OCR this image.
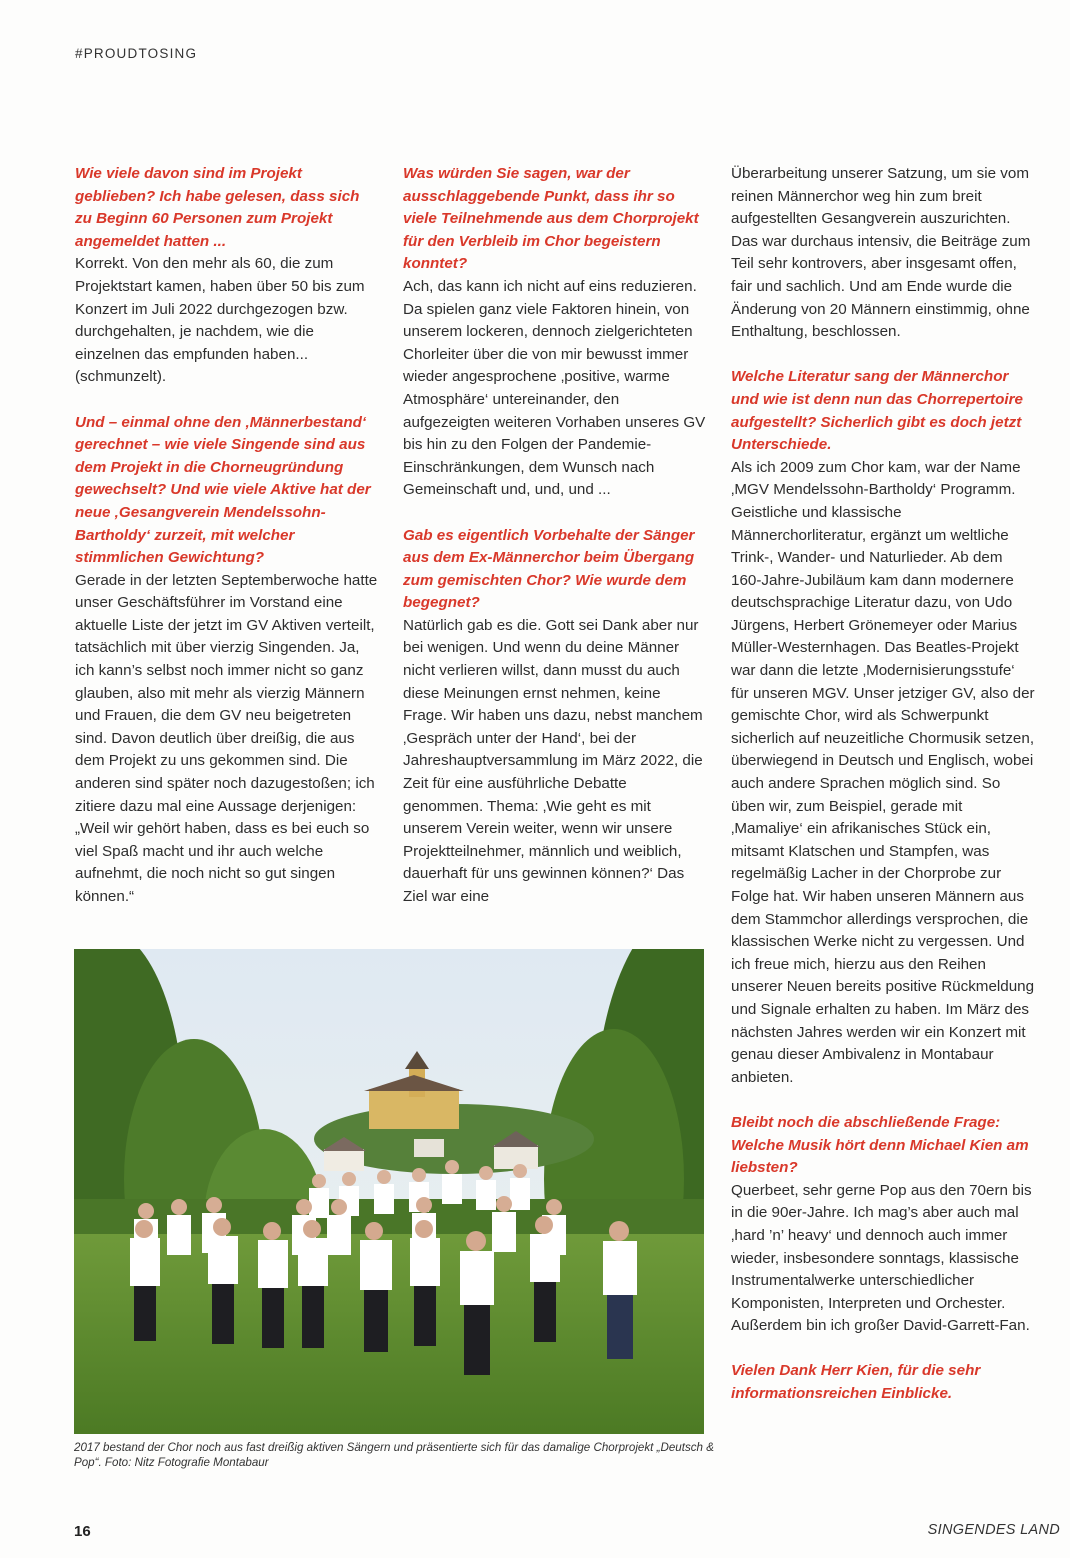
#PROUDTOSING

Wie viele davon sind im Projekt geblieben? Ich habe gelesen, dass sich zu Beginn 60 Personen zum Projekt angemeldet hatten ...

Korrekt. Von den mehr als 60, die zum Projektstart kamen, haben über 50 bis zum Konzert im Juli 2022 durchgezogen bzw. durchgehalten, je nachdem, wie die einzelnen das empfunden haben... (schmunzelt).

Und – einmal ohne den ‚Männerbestand‘ gerechnet – wie viele Singende sind aus dem Projekt in die Chorneugründung gewechselt? Und wie viele Aktive hat der neue ‚Gesangverein Mendelssohn-Bartholdy‘ zurzeit, mit welcher stimmlichen Gewichtung?

Gerade in der letzten Septemberwoche hatte unser Geschäftsführer im Vorstand eine aktuelle Liste der jetzt im GV Aktiven verteilt, tatsächlich mit über vierzig Singenden. Ja, ich kann’s selbst noch immer nicht so ganz glauben, also mit mehr als vierzig Männern und Frauen, die dem GV neu beigetreten sind. Davon deutlich über dreißig, die aus dem Projekt zu uns gekommen sind. Die anderen sind später noch dazugestoßen; ich zitiere dazu mal eine Aussage derjenigen: „Weil wir gehört haben, dass es bei euch so viel Spaß macht und ihr auch welche aufnehmt, die noch nicht so gut singen können.“

Was würden Sie sagen, war der ausschlaggebende Punkt, dass ihr so viele Teilnehmende aus dem Chorprojekt für den Verbleib im Chor begeistern konntet?

Ach, das kann ich nicht auf eins reduzieren. Da spielen ganz viele Faktoren hinein, von unserem lockeren, dennoch zielgerichteten Chorleiter über die von mir bewusst immer wieder angesprochene ‚positive, warme Atmosphäre‘ untereinander, den aufgezeigten weiteren Vorhaben unseres GV bis hin zu den Folgen der Pandemie-Einschränkungen, dem Wunsch nach Gemeinschaft und, und, und ...

Gab es eigentlich Vorbehalte der Sänger aus dem Ex-Männerchor beim Übergang zum gemischten Chor? Wie wurde dem begegnet?

Natürlich gab es die. Gott sei Dank aber nur bei wenigen. Und wenn du deine Männer nicht verlieren willst, dann musst du auch diese Meinungen ernst nehmen, keine Frage. Wir haben uns dazu, nebst manchem ‚Gespräch unter der Hand‘, bei der Jahreshauptversammlung im März 2022, die Zeit für eine ausführliche Debatte genommen. Thema: ‚Wie geht es mit unserem Verein weiter, wenn wir unsere Projektteilnehmer, männlich und weiblich, dauerhaft für uns gewinnen können?‘ Das Ziel war eine

Überarbeitung unserer Satzung, um sie vom reinen Männerchor weg hin zum breit aufgestellten Gesangverein auszurichten. Das war durchaus intensiv, die Beiträge zum Teil sehr kontrovers, aber insgesamt offen, fair und sachlich. Und am Ende wurde die Änderung von 20 Männern einstimmig, ohne Enthaltung, beschlossen.

Welche Literatur sang der Männerchor und wie ist denn nun das Chorrepertoire aufgestellt? Sicherlich gibt es doch jetzt Unterschiede.

Als ich 2009 zum Chor kam, war der Name ‚MGV Mendelssohn-Bartholdy‘ Programm. Geistliche und klassische Männerchorliteratur, ergänzt um weltliche Trink-, Wander- und Naturlieder. Ab dem 160-Jahre-Jubiläum kam dann modernere deutschsprachige Literatur dazu, von Udo Jürgens, Herbert Grönemeyer oder Marius Müller-Westernhagen. Das Beatles-Projekt war dann die letzte ‚Modernisierungsstufe‘ für unseren MGV. Unser jetziger GV, also der gemischte Chor, wird als Schwerpunkt sicherlich auf neuzeitliche Chormusik setzen, überwiegend in Deutsch und Englisch, wobei auch andere Sprachen möglich sind. So üben wir, zum Beispiel, gerade mit ‚Mamaliye‘ ein afrikanisches Stück ein, mitsamt Klatschen und Stampfen, was regelmäßig Lacher in der Chorprobe zur Folge hat. Wir haben unseren Männern aus dem Stammchor allerdings versprochen, die klassischen Werke nicht zu vergessen. Und ich freue mich, hierzu aus den Reihen unserer Neuen bereits positive Rückmeldung und Signale erhalten zu haben. Im März des nächsten Jahres werden wir ein Konzert mit genau dieser Ambivalenz in Montabaur anbieten.

Bleibt noch die abschließende Frage: Welche Musik hört denn Michael Kien am liebsten?

Querbeet, sehr gerne Pop aus den 70ern bis in die 90er-Jahre. Ich mag’s aber auch mal ‚hard ’n’ heavy‘ und dennoch auch immer wieder, insbesondere sonntags, klassische Instrumentalwerke unterschiedlicher Komponisten, Interpreten und Orchester. Außerdem bin ich großer David-Garrett-Fan.

Vielen Dank Herr Kien, für die sehr informationsreichen Einblicke.

2017 bestand der Chor noch aus fast dreißig aktiven Sängern und präsentierte sich für das damalige Chorprojekt „Deutsch & Pop“. Foto: Nitz Fotografie Montabaur
16	SINGENDES LAND
